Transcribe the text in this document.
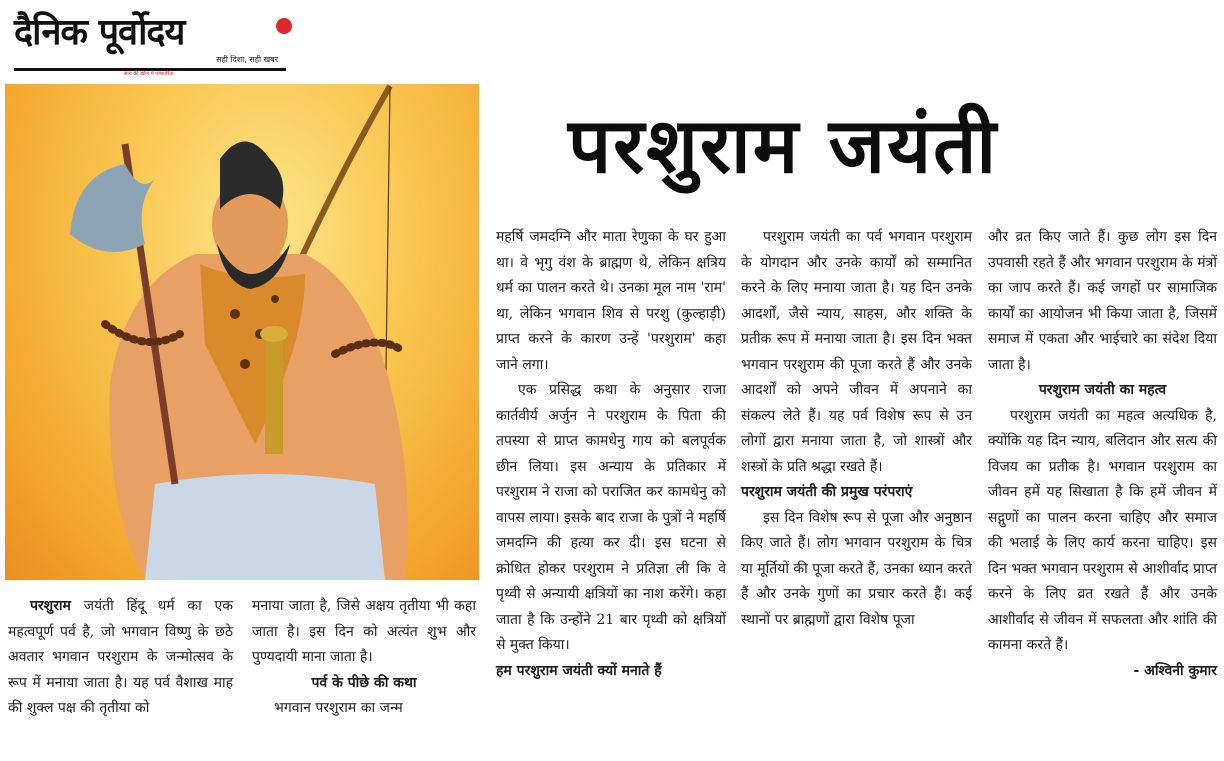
दैनिक पूर्वोदय
सही दिशा, सही खबर
सत्य की खोज में पत्रकारिता
परशुराम जयंती

परशुराम जयंती हिंदू धर्म का एक महत्वपूर्ण पर्व है, जो भगवान विष्णु के छठे अवतार भगवान परशुराम के जन्मोत्सव के रूप में मनाया जाता है। यह पर्व वैशाख माह की शुक्ल पक्ष की तृतीया को

मनाया जाता है, जिसे अक्षय तृतीया भी कहा जाता है। इस दिन को अत्यंत शुभ और पुण्यदायी माना जाता है।

पर्व के पीछे की कथा

भगवान परशुराम का जन्म

महर्षि जमदग्नि और माता रेणुका के घर हुआ था। वे भृगु वंश के ब्राह्मण थे, लेकिन क्षत्रिय धर्म का पालन करते थे। उनका मूल नाम 'राम' था, लेकिन भगवान शिव से परशु (कुल्हाड़ी) प्राप्त करने के कारण उन्हें 'परशुराम' कहा जाने लगा।

एक प्रसिद्ध कथा के अनुसार राजा कार्तवीर्य अर्जुन ने परशुराम के पिता की तपस्या से प्राप्त कामधेनु गाय को बलपूर्वक छीन लिया। इस अन्याय के प्रतिकार में परशुराम ने राजा को पराजित कर कामधेनु को वापस लाया। इसके बाद राजा के पुत्रों ने महर्षि जमदग्नि की हत्या कर दी। इस घटना से क्रोधित होकर परशुराम ने प्रतिज्ञा ली कि वे पृथ्वी से अन्यायी क्षत्रियों का नाश करेंगे। कहा जाता है कि उन्होंने 21 बार पृथ्वी को क्षत्रियों से मुक्त किया।

हम परशुराम जयंती क्यों मनाते हैं

परशुराम जयंती का पर्व भगवान परशुराम के योगदान और उनके कार्यों को सम्मानित करने के लिए मनाया जाता है। यह दिन उनके आदर्शों, जैसे न्याय, साहस, और शक्ति के प्रतीक रूप में मनाया जाता है। इस दिन भक्त भगवान परशुराम की पूजा करते हैं और उनके आदर्शों को अपने जीवन में अपनाने का संकल्प लेते हैं। यह पर्व विशेष रूप से उन लोगों द्वारा मनाया जाता है, जो शास्त्रों और शस्त्रों के प्रति श्रद्धा रखते हैं।

परशुराम जयंती की प्रमुख परंपराएं

इस दिन विशेष रूप से पूजा और अनुष्ठान किए जाते हैं। लोग भगवान परशुराम के चित्र या मूर्तियों की पूजा करते हैं, उनका ध्यान करते हैं और उनके गुणों का प्रचार करते हैं। कई स्थानों पर ब्राह्मणों द्वारा विशेष पूजा

और व्रत किए जाते हैं। कुछ लोग इस दिन उपवासी रहते हैं और भगवान परशुराम के मंत्रों का जाप करते हैं। कई जगहों पर सामाजिक कार्यों का आयोजन भी किया जाता है, जिसमें समाज में एकता और भाईचारे का संदेश दिया जाता है।

परशुराम जयंती का महत्व

परशुराम जयंती का महत्व अत्यधिक है, क्योंकि यह दिन न्याय, बलिदान और सत्य की विजय का प्रतीक है। भगवान परशुराम का जीवन हमें यह सिखाता है कि हमें जीवन में सद्गुणों का पालन करना चाहिए और समाज की भलाई के लिए कार्य करना चाहिए। इस दिन भक्त भगवान परशुराम से आशीर्वाद प्राप्त करने के लिए व्रत रखते हैं और उनके आशीर्वाद से जीवन में सफलता और शांति की कामना करते हैं।

- अश्विनी कुमार
